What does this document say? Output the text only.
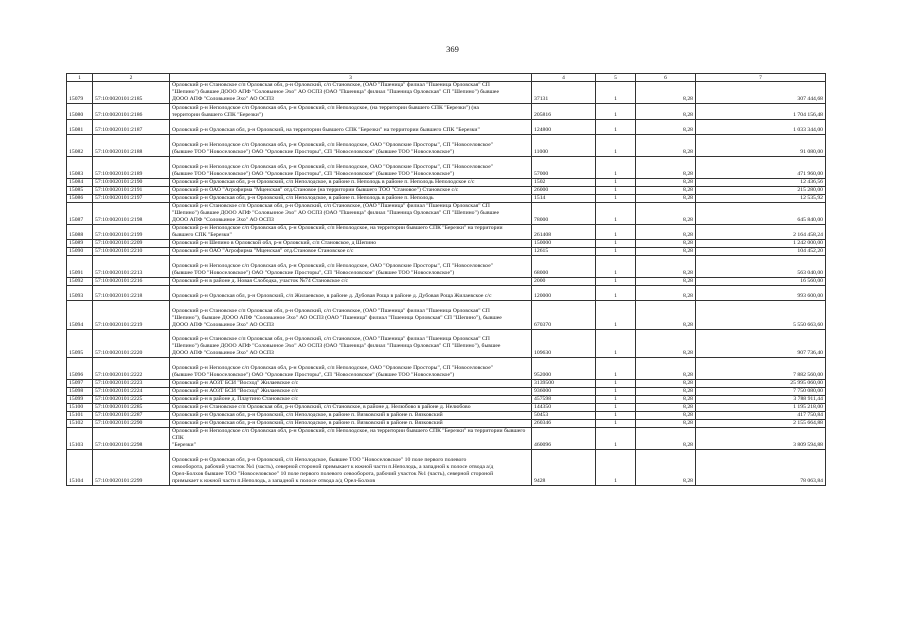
369
1	2	3	4	5	6	7
15079	57:10:0020101:2185	Орловский р-н Становское с/п Орловская обл, р-н Орловский, с/п Становское, (ОАО "Пшеница" филиал "Пшеница Орловская" СП
"Шепино") бывшее ДООО АПФ "Соловьиное Эхо" АО ОСПЗ (ОАО "Пшеница" филиал "Пшеница Орловская" СП "Шепино") бывшее
ДООО АПФ "Соловьиное Эхо" АО ОСПЗ	37131	1	8,28	307 444,68
15080	57:10:0020101:2186	Орловский р-н Неполодское с/п Орловская обл, р-н Орловский, с/п Неполодское, (на территории бывшего СПК "Березки") (на
территории бывшего СПК "Березки")	205816	1	8,28	1 704 156,48
15081	57:10:0020101:2187	Орловский р-н Орловская обл, р-н Орловский, на территории бывшего СПК "Березки" на территории бывшего СПК "Березки"	124800	1	8,28	1 033 344,00
15082	57:10:0020101:2188	Орловский р-н Неполодское с/п Орловская обл, р-н Орловский, с/п Неполодское, ОАО "Орловские Просторы", СП "Новоселовское"
(бывшее ТОО "Новоселовское") ОАО "Орловские Просторы", СП "Новоселовское" (бывшее ТОО "Новоселовское")	11000	1	8,28	91 080,00
15083	57:10:0020101:2189	Орловский р-н Неполодское с/п Орловская обл, р-н Орловский, с/п Неполодское, ОАО "Орловские Просторы", СП "Новоселовское"
(бывшее ТОО "Новоселовское") ОАО "Орловские Просторы", СП "Новоселовское" (бывшее ТОО "Новоселовское")	57000	1	8,28	471 960,00
15084	57:10:0020101:2190	Орловский р-н Орловская обл, р-н Орловский, с/п Неполодское, в районе п. Неполодь в районе п. Неполодь Неполодское с/с	1502	1	8,28	12 436,56
15085	57:10:0020101:2191	Орловский р-н ОАО "Агрофирма "Мценская" отд.Становое (на территории бывшего ТОО "Становое") Становское с/с	26000	1	8,28	215 280,00
15086	57:10:0020101:2197	Орловский р-н Орловская обл, р-н Орловский, с/п Неполодское, в районе п. Неполодь в районе п. Неполодь	1514	1	8,28	12 535,92
15087	57:10:0020101:2198	Орловский р-н Становское с/п Орловская обл, р-н Орловский, с/п Становское, (ОАО "Пшеница" филиал "Пшеница Орловская" СП
"Шепино") бывшее ДООО АПФ "Соловьиное Эхо" АО ОСПЗ (ОАО "Пшеница" филиал "Пшеница Орловская" СП "Шепино") бывшее
ДООО АПФ "Соловьиное Эхо" АО ОСПЗ	78000	1	8,28	645 840,00
15088	57:10:0020101:2199	Орловский р-н Неполодское с/п Орловская обл, р-н Орловский, с/п Неполодское, на территории бывшего СПК "Березки" на территории
бывшего СПК "Березки"	261408	1	8,28	2 164 458,24
15089	57:10:0020101:2209	Орловский р-н Шепино в Орловской обл, р-н Орловский, с/п Становское, д Шепино	150000	1	8,28	1 242 000,00
15090	57:10:0020101:2210	Орловский р-н ОАО "Агрофирма "Мценская" отд.Становое Становское с/с	12615	1	8,28	104 452,20
15091	57:10:0020101:2213	Орловский р-н Неполодское с/п Орловская обл, р-н Орловский, с/п Неполодское, ОАО "Орловские Просторы", СП "Новоселовское"
(бывшее ТОО "Новоселовское") ОАО "Орловские Просторы", СП "Новоселовское" (бывшее ТОО "Новоселовское")	68000	1	8,28	563 040,00
15092	57:10:0020101:2216	Орловский р-н в районе д. Новая Слободка, участок №74 Становское с/с	2000	1	8,28	16 560,00
15093	57:10:0020101:2218	Орловский р-н Орловская обл, р-н Орловский, с/п Жилаевское, в районе д. Дубовая Роща в районе д. Дубовая Роща Жилаевское с/с	120000	1	8,28	993 600,00
15094	57:10:0020101:2219	Орловский р-н Становское с/п Орловская обл, р-н Орловский, с/п Становское, (ОАО "Пшеница" филиал "Пшеница Орловская" СП
"Шепино"), бывшее ДООО АПФ "Соловьиное Эхо" АО ОСПЗ (ОАО "Пшеница" филиал "Пшеница Орловская" СП "Шепино"), бывшее
ДООО АПФ "Соловьиное Эхо" АО ОСПЗ	670370	1	8,28	5 550 663,60
15095	57:10:0020101:2220	Орловский р-н Становское с/п Орловская обл, р-н Орловский, с/п Становское, (ОАО "Пшеница" филиал "Пшеница Орловская" СП
"Шепино") бывшее ДООО АПФ "Соловьиное Эхо" АО ОСПЗ (ОАО "Пшеница" филиал "Пшеница Орловская" СП "Шепино"), бывшее
ДООО АПФ "Соловьиное Эхо" АО ОСПЗ	109630	1	8,28	907 736,40
15096	57:10:0020101:2222	Орловский р-н Неполодское с/п Орловская обл, р-н Орловский, с/п Неполодское, ОАО "Орловские Просторы", СП "Новоселовское"
(бывшее ТОО "Новоселовское") ОАО "Орловские Просторы", СП "Новоселовское" (бывшее ТОО "Новоселовское")	952000	1	8,28	7 882 560,00
15097	57:10:0020101:2223	Орловский р-н АОЗТ БСИ "Восход" Жилаевское с/с	3139500	1	8,28	25 995 060,00
15098	57:10:0020101:2224	Орловский р-н АОЗТ БСИ "Восход" Жилаевское с/с	936000	1	8,28	7 750 080,00
15099	57:10:0020101:2225	Орловский р-н в районе д. Плаутино Становское с/с	457598	1	8,28	3 788 911,44
15100	57:10:0020101:2285	Орловский р-н Становское с/п Орловская обл, р-н Орловский, с/п Становское, в районе д. Нелюбово в районе д. Нелюбово	144350	1	8,28	1 195 218,00
15101	57:10:0020101:2287	Орловский р-н Орловская обл, р-н Орловский, с/п Неполодское, в районе п. Вязковский в районе п. Вязковский	50453	1	8,28	417 750,84
15102	57:10:0020101:2290	Орловский р-н Орловская обл, р-н Орловский, с/п Неполодское, в районе п. Вязковский в районе п. Вязковский	260346	1	8,28	2 155 664,88
15103	57:10:0020101:2298	Орловский р-н Неполодское с/п Орловская обл, р-н Орловский, с/п Неполодское, на территории бывшего СПК "Березки" на территории бывшего СПК
"Березки"	460096	1	8,28	3 809 594,88
15104	57:10:0020101:2299	Орловский р-н Орловская обл, р-н Орловский, с/п Неполодское, бывшее ТОО "Новоселовское" 10 поле первого полевого
севооборота, рабочий участок №1 (часть), северной стороной примыкает к южной части п.Неполодь, а западной к полосе отвода а/д
Орел-Болхов бывшее ТОО "Новоселовское" 10 поле первого полевого севооборота, рабочий участок №1 (часть), северной стороной
примыкает к южной части п.Неполодь, а западной к полосе отвода а/д Орел-Болхов	9428	1	8,28	78 063,84
